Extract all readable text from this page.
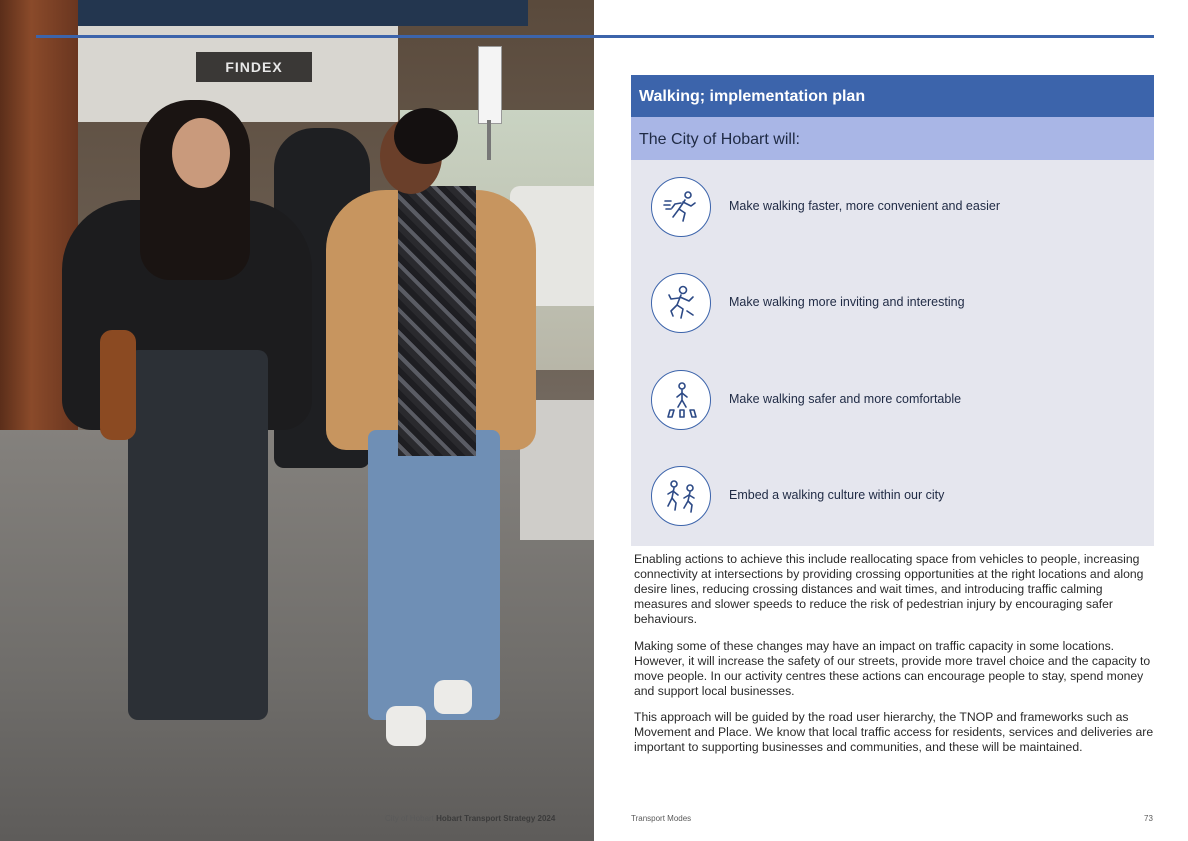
FINDEX
City of Hobart Hobart Transport Strategy 2024
Walking; implementation plan
The City of Hobart will:
Make walking faster, more convenient and easier
Make walking more inviting and interesting
Make walking safer and more comfortable
Embed a walking culture within our city

Enabling actions to achieve this include reallocating space from vehicles to people, increasing connectivity at intersections by providing crossing opportunities at the right locations and along desire lines, reducing crossing distances and wait times, and introducing traffic calming measures and slower speeds to reduce the risk of pedestrian injury by encouraging safer behaviours.

Making some of these changes may have an impact on traffic capacity in some locations. However, it will increase the safety of our streets, provide more travel choice and the capacity to move people. In our activity centres these actions can encourage people to stay, spend money and support local businesses.

This approach will be guided by the road user hierarchy, the TNOP and frameworks such as Movement and Place. We know that local traffic access for residents, services and deliveries are important to supporting businesses and communities, and these will be maintained.

Transport Modes	73
